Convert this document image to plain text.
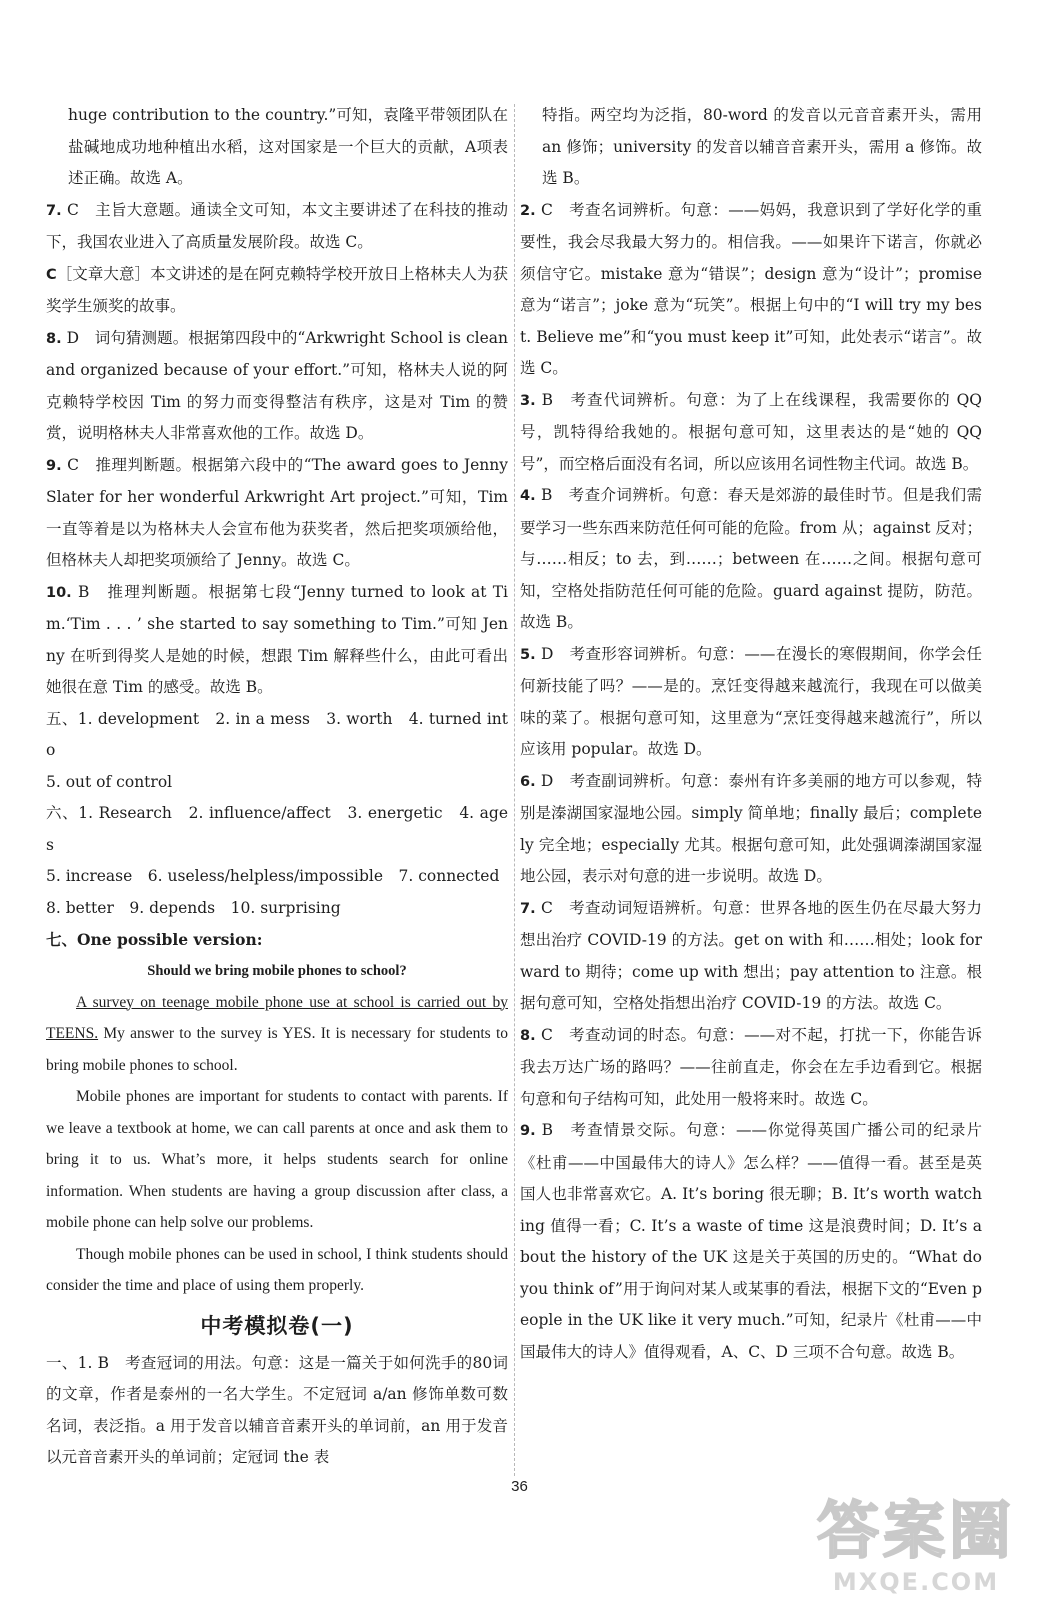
huge contribution to the country.”可知，袁隆平带领团队在盐碱地成功地种植出水稻，这对国家是一个巨大的贡献，A项表述正确。故选 A。

7. C　主旨大意题。通读全文可知，本文主要讲述了在科技的推动下，我国农业进入了高质量发展阶段。故选 C。

C［文章大意］本文讲述的是在阿克赖特学校开放日上格林夫人为获奖学生颁奖的故事。

8. D　词句猜测题。根据第四段中的“Arkwright School is clean and organized because of your effort.”可知，格林夫人说的阿克赖特学校因 Tim 的努力而变得整洁有秩序，这是对 Tim 的赞赏，说明格林夫人非常喜欢他的工作。故选 D。

9. C　推理判断题。根据第六段中的“The award goes to Jenny Slater for her wonderful Arkwright Art project.”可知，Tim 一直等着是以为格林夫人会宣布他为获奖者，然后把奖项颁给他，但格林夫人却把奖项颁给了 Jenny。故选 C。

10. B　推理判断题。根据第七段“Jenny turned to look at Tim.‘Tim . . . ’ she started to say something to Tim.”可知 Jenny 在听到得奖人是她的时候，想跟 Tim 解释些什么，由此可看出她很在意 Tim 的感受。故选 B。

五、1. development　2. in a mess　3. worth　4. turned into

5. out of control

六、1. Research　2. influence/affect　3. energetic　4. ages

5. increase　6. useless/helpless/impossible　7. connected

8. better　9. depends　10. surprising

七、One possible version:

Should we bring mobile phones to school?

A survey on teenage mobile phone use at school is carried out by TEENS. My answer to the survey is YES. It is necessary for students to bring mobile phones to school.

Mobile phones are important for students to contact with parents. If we leave a textbook at home, we can call parents at once and ask them to bring it to us. What’s more, it helps students search for online information. When students are having a group discussion after class, a mobile phone can help solve our problems.

Though mobile phones can be used in school, I think students should consider the time and place of using them properly.

中考模拟卷(一)

一、1. B　考查冠词的用法。句意：这是一篇关于如何洗手的80词的文章，作者是泰州的一名大学生。不定冠词 a/an 修饰单数可数名词，表泛指。a 用于发音以辅音音素开头的单词前，an 用于发音以元音音素开头的单词前；定冠词 the 表

特指。两空均为泛指，80-word 的发音以元音音素开头，需用 an 修饰；university 的发音以辅音音素开头，需用 a 修饰。故选 B。

2. C　考查名词辨析。句意：——妈妈，我意识到了学好化学的重要性，我会尽我最大努力的。相信我。——如果许下诺言，你就必须信守它。mistake 意为“错误”；design 意为“设计”；promise 意为“诺言”；joke 意为“玩笑”。根据上句中的“I will try my best. Believe me”和“you must keep it”可知，此处表示“诺言”。故选 C。

3. B　考查代词辨析。句意：为了上在线课程，我需要你的 QQ 号，凯特得给我她的。根据句意可知，这里表达的是“她的 QQ 号”，而空格后面没有名词，所以应该用名词性物主代词。故选 B。

4. B　考查介词辨析。句意：春天是郊游的最佳时节。但是我们需要学习一些东西来防范任何可能的危险。from 从；against 反对；与……相反；to 去，到……；between 在……之间。根据句意可知，空格处指防范任何可能的危险。guard against 提防，防范。故选 B。

5. D　考查形容词辨析。句意：——在漫长的寒假期间，你学会任何新技能了吗？——是的。烹饪变得越来越流行，我现在可以做美味的菜了。根据句意可知，这里意为“烹饪变得越来越流行”，所以应该用 popular。故选 D。

6. D　考查副词辨析。句意：泰州有许多美丽的地方可以参观，特别是溱湖国家湿地公园。simply 简单地；finally 最后；completely 完全地；especially 尤其。根据句意可知，此处强调溱湖国家湿地公园，表示对句意的进一步说明。故选 D。

7. C　考查动词短语辨析。句意：世界各地的医生仍在尽最大努力想出治疗 COVID-19 的方法。get on with 和……相处；look forward to 期待；come up with 想出；pay attention to 注意。根据句意可知，空格处指想出治疗 COVID-19 的方法。故选 C。

8. C　考查动词的时态。句意：——对不起，打扰一下，你能告诉我去万达广场的路吗？——往前直走，你会在左手边看到它。根据句意和句子结构可知，此处用一般将来时。故选 C。

9. B　考查情景交际。句意：——你觉得英国广播公司的纪录片《杜甫——中国最伟大的诗人》怎么样？——值得一看。甚至是英国人也非常喜欢它。A. It’s boring 很无聊；B. It’s worth watching 值得一看；C. It’s a waste of time 这是浪费时间；D. It’s about the history of the UK 这是关于英国的历史的。“What do you think of”用于询问对某人或某事的看法，根据下文的“Even people in the UK like it very much.”可知，纪录片《杜甫——中国最伟大的诗人》值得观看，A、C、D 三项不合句意。故选 B。

36
答案圈
MXQE.COM
